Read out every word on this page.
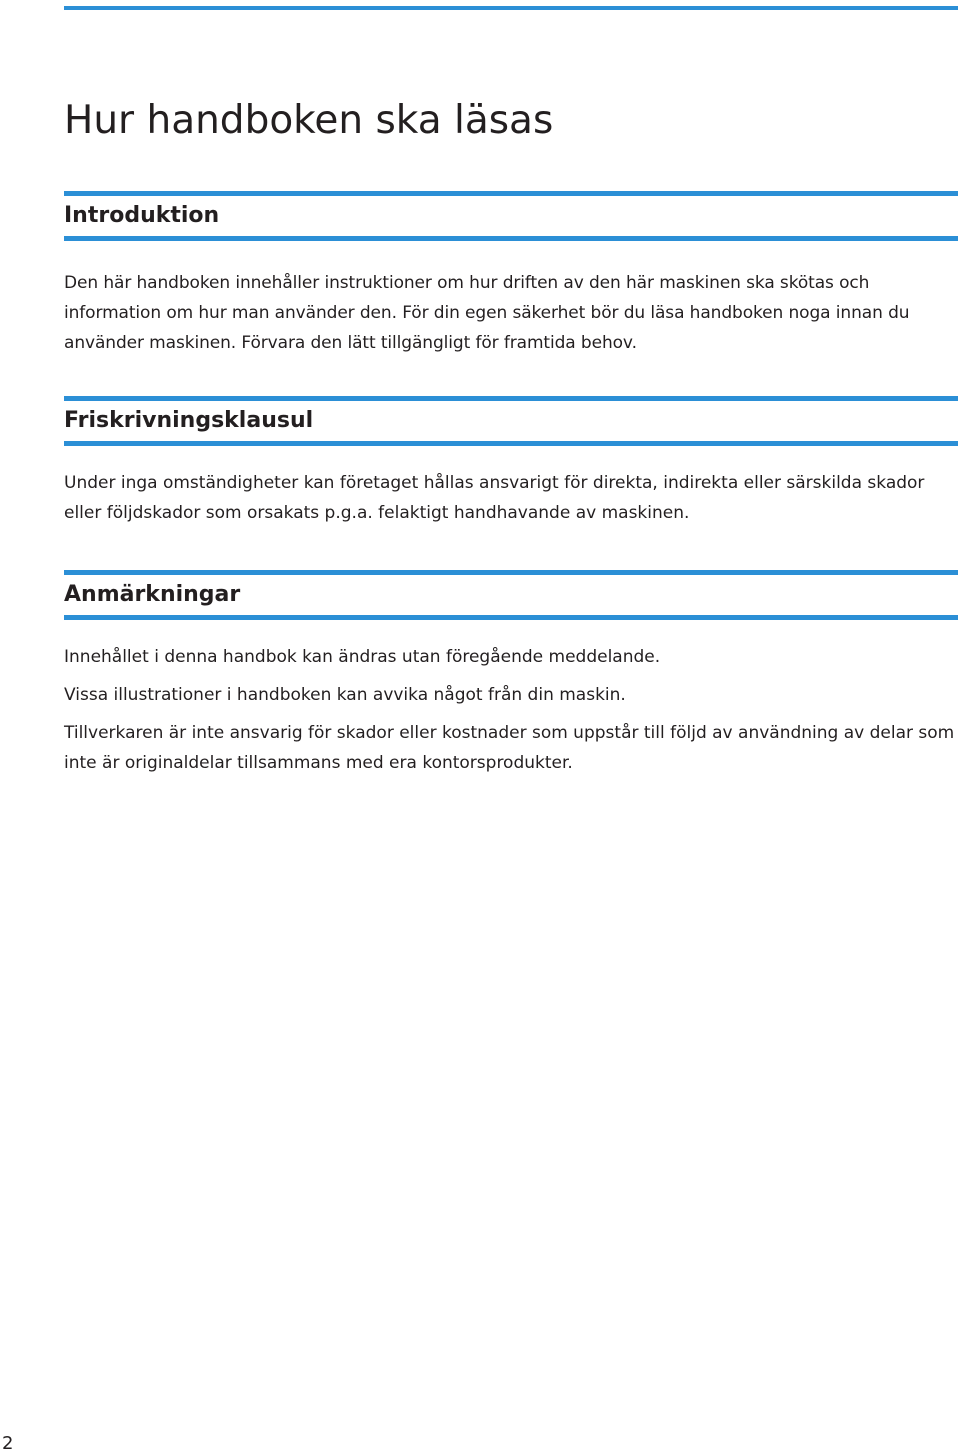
Hur handboken ska läsas
Introduktion

Den här handboken innehåller instruktioner om hur driften av den här maskinen ska skötas och information om hur man använder den. För din egen säkerhet bör du läsa handboken noga innan du använder maskinen. Förvara den lätt tillgängligt för framtida behov.

Friskrivningsklausul

Under inga omständigheter kan företaget hållas ansvarigt för direkta, indirekta eller särskilda skador eller följdskador som orsakats p.g.a. felaktigt handhavande av maskinen.

Anmärkningar

Innehållet i denna handbok kan ändras utan föregående meddelande.

Vissa illustrationer i handboken kan avvika något från din maskin.

Tillverkaren är inte ansvarig för skador eller kostnader som uppstår till följd av användning av delar som inte är originaldelar tillsammans med era kontorsprodukter.

2
